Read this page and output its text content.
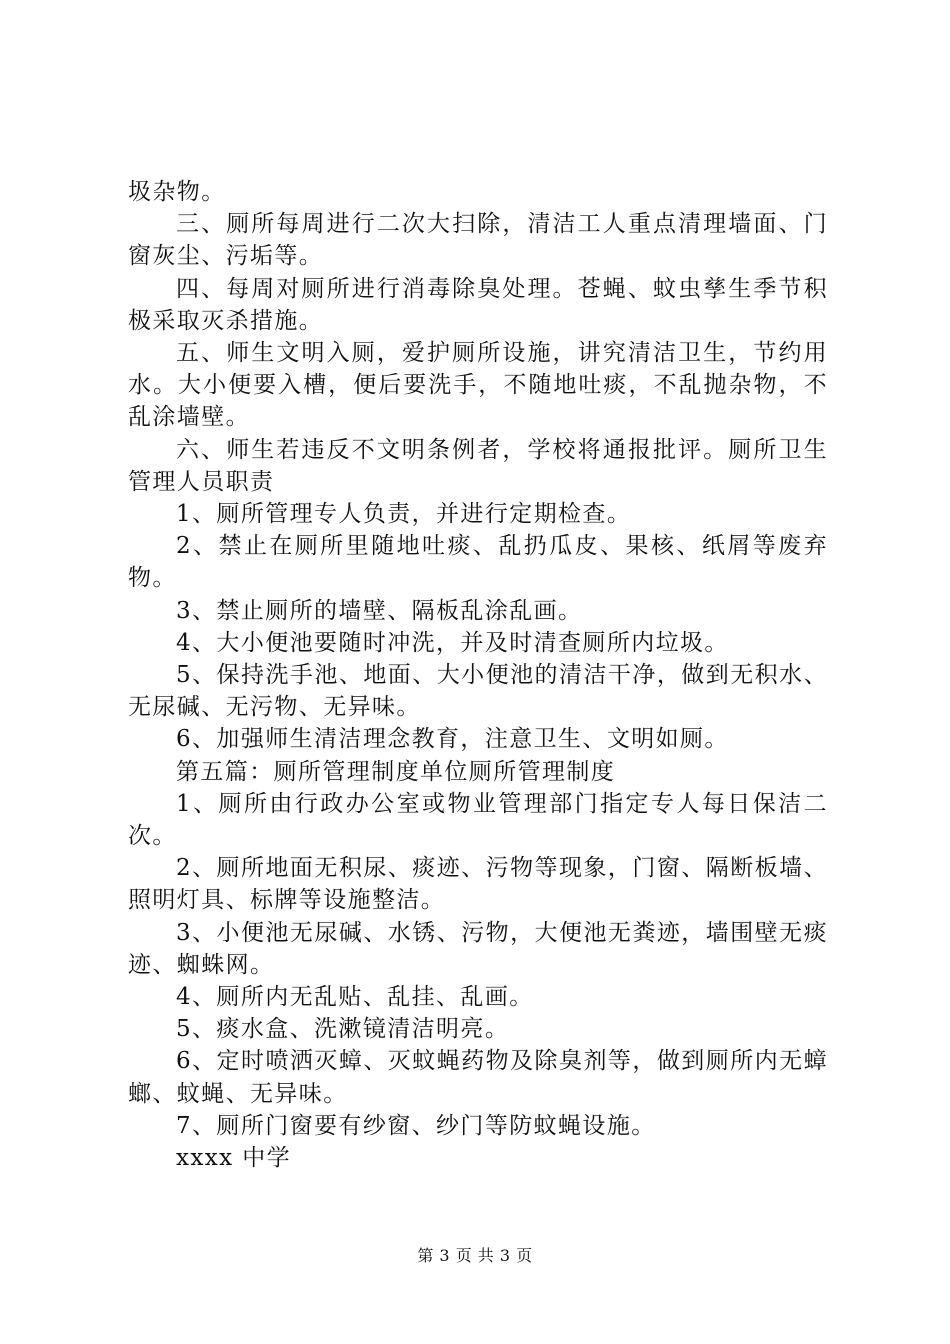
圾杂物。

三、厕所每周进行二次大扫除，清洁工人重点清理墙面、门窗灰尘、污垢等。

四、每周对厕所进行消毒除臭处理。苍蝇、蚊虫孳生季节积极采取灭杀措施。

五、师生文明入厕，爱护厕所设施，讲究清洁卫生，节约用水。大小便要入槽，便后要洗手，不随地吐痰，不乱抛杂物，不乱涂墙壁。

六、师生若违反不文明条例者，学校将通报批评。厕所卫生管理人员职责

1、厕所管理专人负责，并进行定期检查。

2、禁止在厕所里随地吐痰、乱扔瓜皮、果核、纸屑等废弃物。

3、禁止厕所的墙壁、隔板乱涂乱画。

4、大小便池要随时冲洗，并及时清查厕所内垃圾。

5、保持洗手池、地面、大小便池的清洁干净，做到无积水、无尿碱、无污物、无异味。

6、加强师生清洁理念教育，注意卫生、文明如厕。

第五篇：厕所管理制度单位厕所管理制度

1、厕所由行政办公室或物业管理部门指定专人每日保洁二次。

2、厕所地面无积尿、痰迹、污物等现象，门窗、隔断板墙、照明灯具、标牌等设施整洁。

3、小便池无尿碱、水锈、污物，大便池无粪迹，墙围壁无痰迹、蜘蛛网。

4、厕所内无乱贴、乱挂、乱画。

5、痰水盒、洗漱镜清洁明亮。

6、定时喷洒灭蟑、灭蚊蝇药物及除臭剂等，做到厕所内无蟑螂、蚊蝇、无异味。

7、厕所门窗要有纱窗、纱门等防蚊蝇设施。

xxxx 中学

第 3 页 共 3 页
